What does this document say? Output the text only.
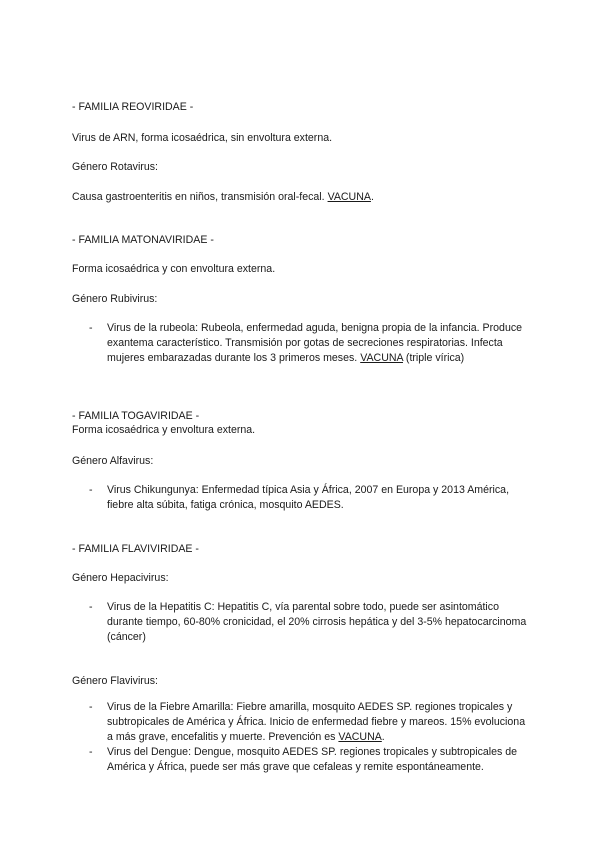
- FAMILIA REOVIRIDAE -
Virus de ARN, forma icosaédrica, sin envoltura externa.
Género Rotavirus:
Causa gastroenteritis en niños, transmisión oral-fecal. VACUNA.
- FAMILIA MATONAVIRIDAE -
Forma icosaédrica y con envoltura externa.
Género Rubivirus:
- Virus de la rubeola: Rubeola, enfermedad aguda, benigna propia de la infancia. Produce exantema característico. Transmisión por gotas de secreciones respiratorias. Infecta mujeres embarazadas durante los 3 primeros meses. VACUNA (triple vírica)
- FAMILIA TOGAVIRIDAE -
Forma icosaédrica y envoltura externa.
Género Alfavirus:
- Virus Chikungunya: Enfermedad típica Asia y África, 2007 en Europa y 2013 América, fiebre alta súbita, fatiga crónica, mosquito AEDES.
- FAMILIA FLAVIVIRIDAE -
Género Hepacivirus:
- Virus de la Hepatitis C: Hepatitis C, vía parental sobre todo, puede ser asintomático durante tiempo, 60-80% cronicidad, el 20% cirrosis hepática y del 3-5% hepatocarcinoma (cáncer)
Género Flavivirus:
- Virus de la Fiebre Amarilla: Fiebre amarilla, mosquito AEDES SP. regiones tropicales y subtropicales de América y África. Inicio de enfermedad fiebre y mareos. 15% evoluciona a más grave, encefalitis y muerte. Prevención es VACUNA.
- Virus del Dengue: Dengue, mosquito AEDES SP. regiones tropicales y subtropicales de América y África, puede ser más grave que cefaleas y remite espontáneamente.
